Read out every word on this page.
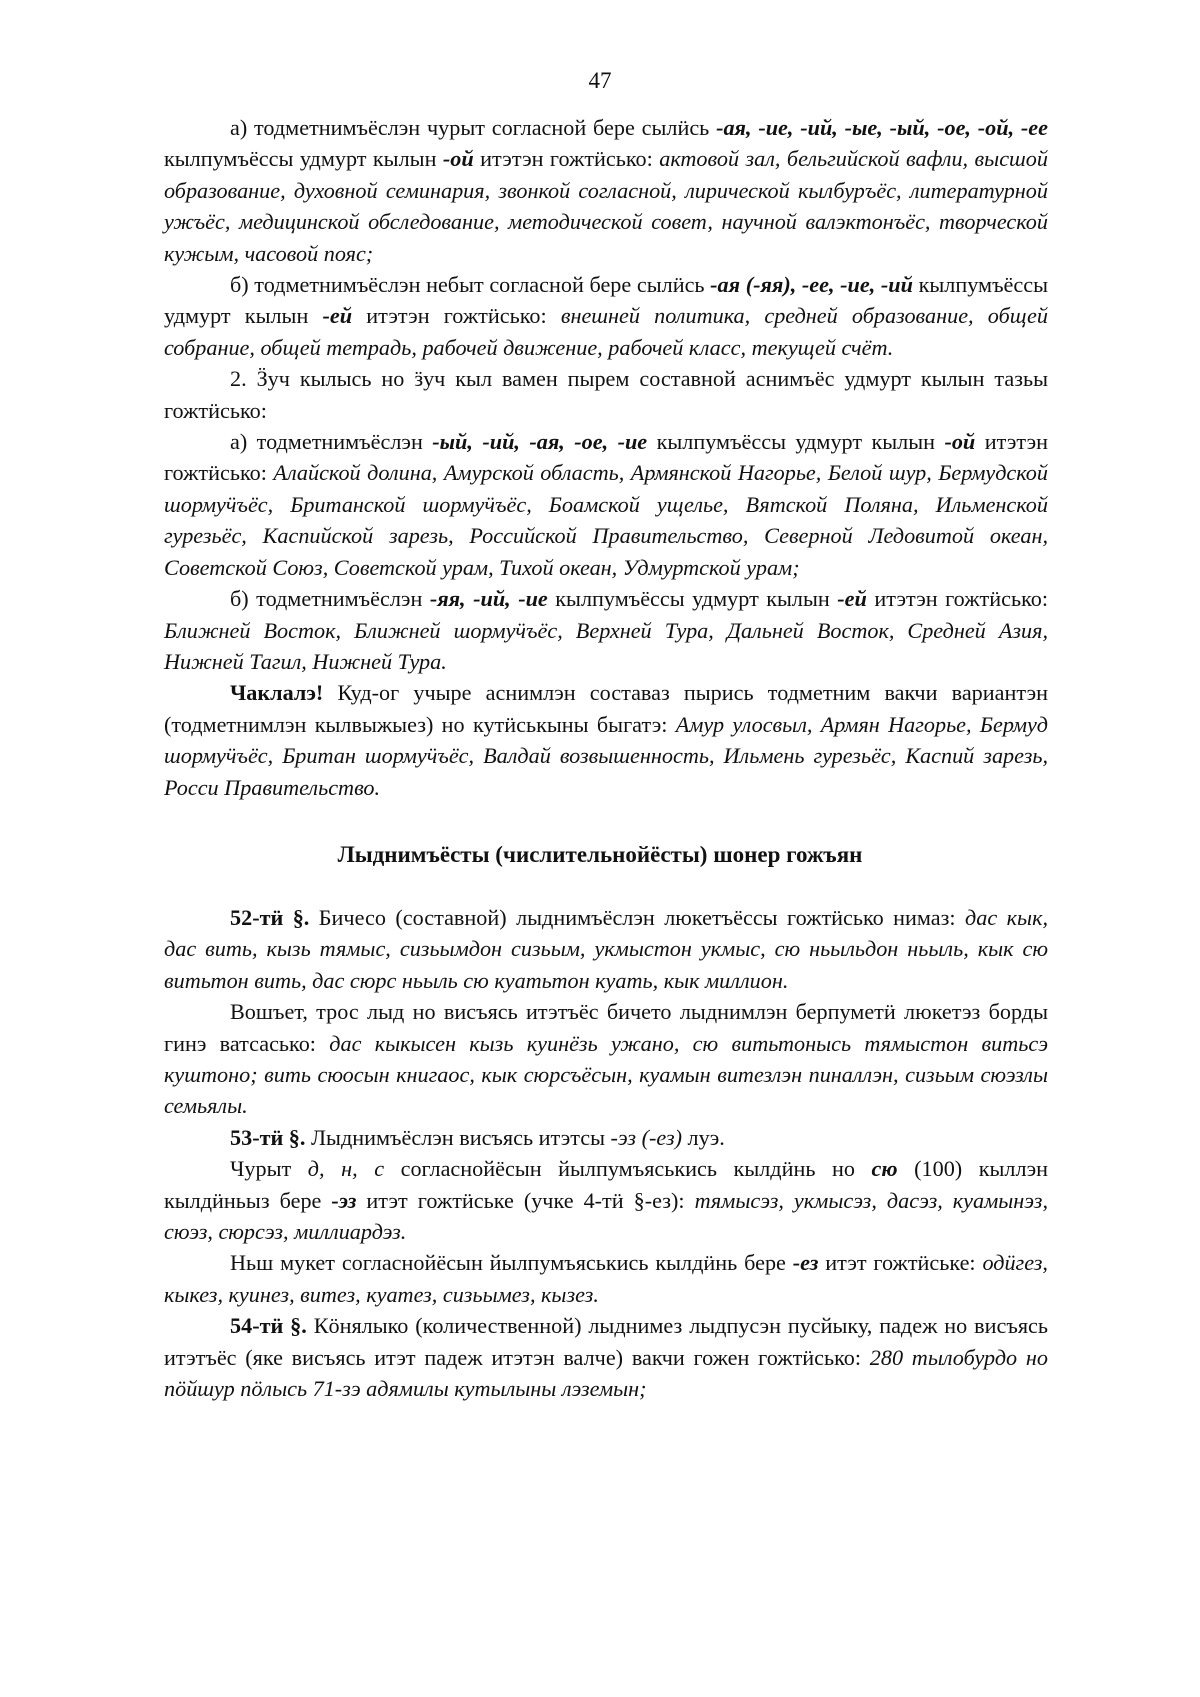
47

а) тодметнимъёслэн чурыт согласной бере сылӥсь -ая, -ие, -ий, -ые, -ый, -ое, -ой, -ее кылпумъёссы удмурт кылын -ой итэтэн гожтӥсько: актовой зал, бельгийской вафли, высшой образование, духовной семинария, звонкой согласной, лирической кылбуръёс, литературной ужъёс, медицинской обследование, методической совет, научной валэктонъёс, творческой кужым, часовой пояс;

б) тодметнимъёслэн небыт согласной бере сылӥсь -ая (-яя), -ее, -ие, -ий кылпумъёссы удмурт кылын -ей итэтэн гожтӥсько: внешней политика, средней образование, общей собрание, общей тетрадь, рабочей движение, рабочей класс, текущей счёт.

2. Ӟуч кылысь но ӟуч кыл вамен пырем составной аснимъёс удмурт кылын тазьы гожтӥсько:

а) тодметнимъёслэн -ый, -ий, -ая, -ое, -ие кылпумъёссы удмурт кылын -ой итэтэн гожтӥсько: Алайской долина, Амурской область, Армянской Нагорье, Белой шур, Бермудской шормуӵъёс, Британской шормуӵъёс, Боамской ущелье, Вятской Поляна, Ильменской гурезьёс, Каспийской зарезь, Российской Правительство, Северной Ледовитой океан, Советской Союз, Советской урам, Тихой океан, Удмуртской урам;

б) тодметнимъёслэн -яя, -ий, -ие кылпумъёссы удмурт кылын -ей итэтэн гожтӥсько: Ближней Восток, Ближней шормуӵъёс, Верхней Тура, Дальней Восток, Средней Азия, Нижней Тагил, Нижней Тура.

Чаклалэ! Куд-ог учыре аснимлэн составаз пырись тодметним вакчи вариантэн (тодметнимлэн кылвыжыез) но кутӥськыны быгатэ: Амур улосвыл, Армян Нагорье, Бермуд шормуӵъёс, Британ шормуӵъёс, Валдай возвышенность, Ильмень гурезьёс, Каспий зарезь, Росси Правительство.

Лыднимъёсты (числительнойёсты) шонер гожъян

52-тӥ §. Бичесо (составной) лыднимъёслэн люкетъёссы гожтӥсько нимаз: дас кык, дас вить, кызь тямыс, сизьымдон сизьым, укмыстон укмыс, сю ньыльдон ньыль, кык сю витьтон вить, дас сюрс ньыль сю куатьтон куать, кык миллион.

Вошъет, трос лыд но висъясь итэтъёс бичето лыднимлэн берпуметӥ люкетэз борды гинэ ватсасько: дас кыкысен кызь куинёзь ужано, сю витьтонысь тямыстон витьсэ куштоно; вить сюосын книгаос, кык сюрсъёсын, куамын витезлэн пиналлэн, сизьым сюэзлы семьялы.

53-тӥ §. Лыднимъёслэн висъясь итэтсы -эз (-ез) луэ.

Чурыт д, н, с согласнойёсын йылпумъяськись кылдӥнь но сю (100) кыллэн кылдӥньыз бере -эз итэт гожтӥське (учке 4-тӥ §-ез): тямысэз, укмысэз, дасэз, куамынэз, сюэз, сюрсэз, миллиардэз.

Ньш мукет согласнойёсын йылпумъяськись кылдӥнь бере -ез итэт гожтӥське: одӥгез, кыкез, куинез, витез, куатез, сизьымез, кызез.

54-тӥ §. Кӧнялыко (количественной) лыднимез лыдпусэн пусйыку, падеж но висъясь итэтъёс (яке висъясь итэт падеж итэтэн валче) вакчи гожен гожтӥсько: 280 тылобурдо но пӧйшур пӧлысь 71-зэ адямилы кутылыны лэземын;
